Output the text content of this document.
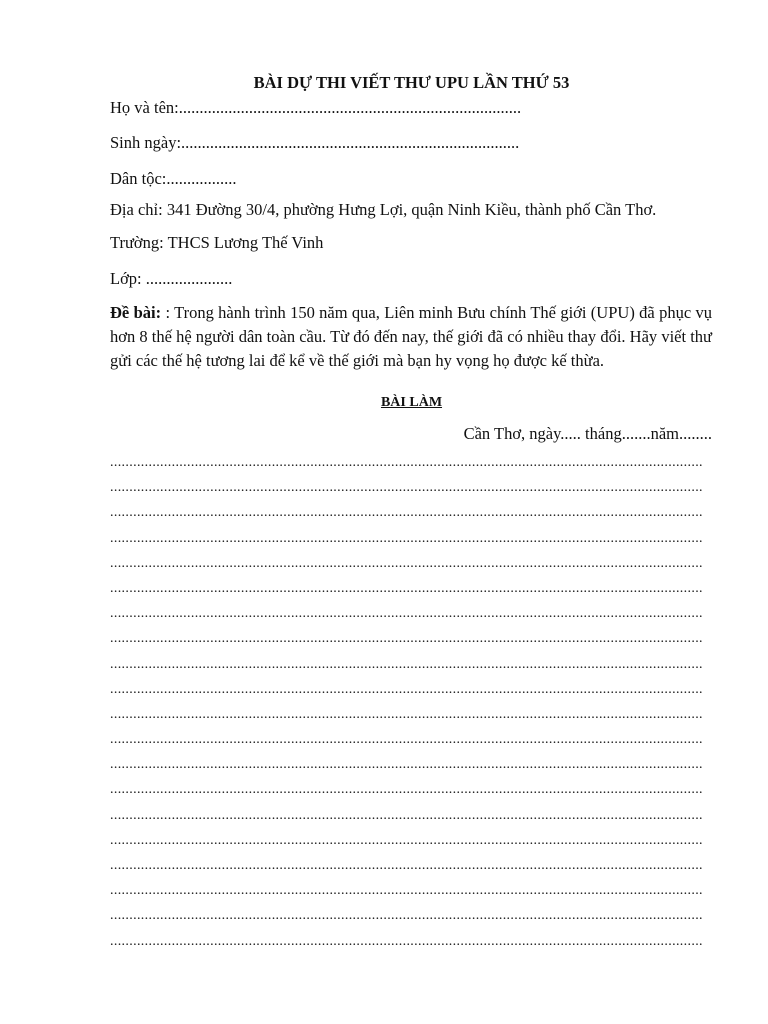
BÀI DỰ THI VIẾT THƯ UPU LẦN THỨ 53
Họ và tên:...................................................................................
Sinh ngày:..................................................................................
Dân tộc:.................
Địa chỉ: 341 Đường 30/4, phường Hưng Lợi, quận Ninh Kiều, thành phố Cần Thơ.
Trường: THCS Lương Thế Vinh
Lớp: .....................
Đề bài: : Trong hành trình 150 năm qua, Liên minh Bưu chính Thế giới (UPU) đã phục vụ hơn 8 thế hệ người dân toàn cầu. Từ đó đến nay, thế giới đã có nhiều thay đổi. Hãy viết thư gửi các thế hệ tương lai để kể về thế giới mà bạn hy vọng họ được kế thừa.
BÀI LÀM
Cần Thơ, ngày..... tháng.......năm........
..........................................................................................................................................................
..........................................................................................................................................................
..........................................................................................................................................................
..........................................................................................................................................................
..........................................................................................................................................................
..........................................................................................................................................................
..........................................................................................................................................................
..........................................................................................................................................................
..........................................................................................................................................................
..........................................................................................................................................................
..........................................................................................................................................................
..........................................................................................................................................................
..........................................................................................................................................................
..........................................................................................................................................................
..........................................................................................................................................................
..........................................................................................................................................................
..........................................................................................................................................................
..........................................................................................................................................................
..........................................................................................................................................................
..........................................................................................................................................................
